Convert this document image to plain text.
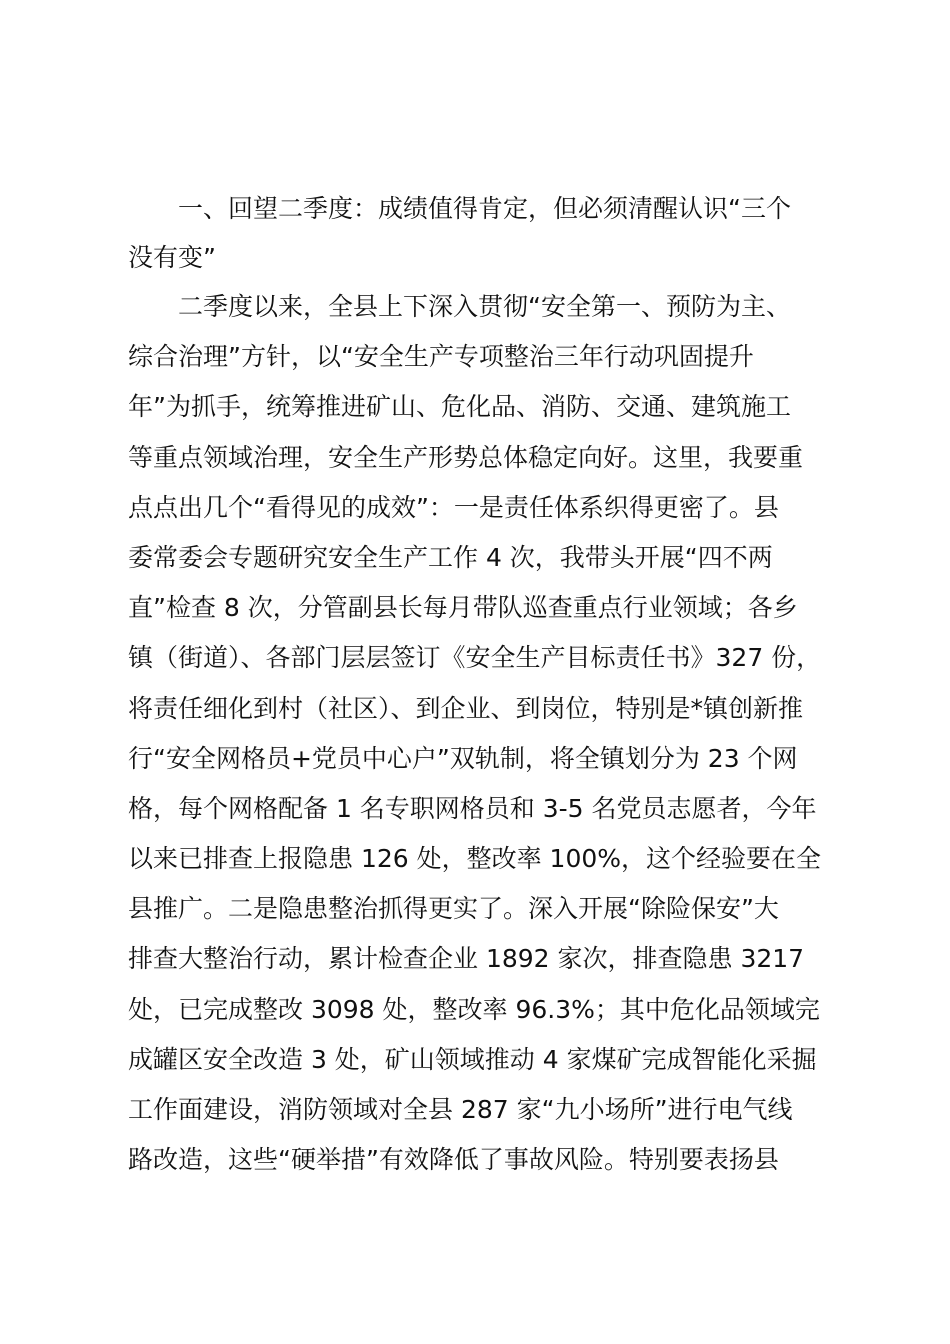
一、回望二季度：成绩值得肯定，但必须清醒认识“三个
没有变”
二季度以来，全县上下深入贯彻“安全第一、预防为主、
综合治理”方针，以“安全生产专项整治三年行动巩固提升
年”为抓手，统筹推进矿山、危化品、消防、交通、建筑施工
等重点领域治理，安全生产形势总体稳定向好。这里，我要重
点点出几个“看得见的成效”：一是责任体系织得更密了。县
委常委会专题研究安全生产工作 4 次，我带头开展“四不两
直”检查 8 次，分管副县长每月带队巡查重点行业领域；各乡
镇（街道）、各部门层层签订《安全生产目标责任书》327 份，
将责任细化到村（社区）、到企业、到岗位，特别是*镇创新推
行“安全网格员+党员中心户”双轨制，将全镇划分为 23 个网
格，每个网格配备 1 名专职网格员和 3-5 名党员志愿者，今年
以来已排查上报隐患 126 处，整改率 100%，这个经验要在全
县推广。二是隐患整治抓得更实了。深入开展“除险保安”大
排查大整治行动，累计检查企业 1892 家次，排查隐患 3217
处，已完成整改 3098 处，整改率 96.3%；其中危化品领域完
成罐区安全改造 3 处，矿山领域推动 4 家煤矿完成智能化采掘
工作面建设，消防领域对全县 287 家“九小场所”进行电气线
路改造，这些“硬举措”有效降低了事故风险。特别要表扬县
